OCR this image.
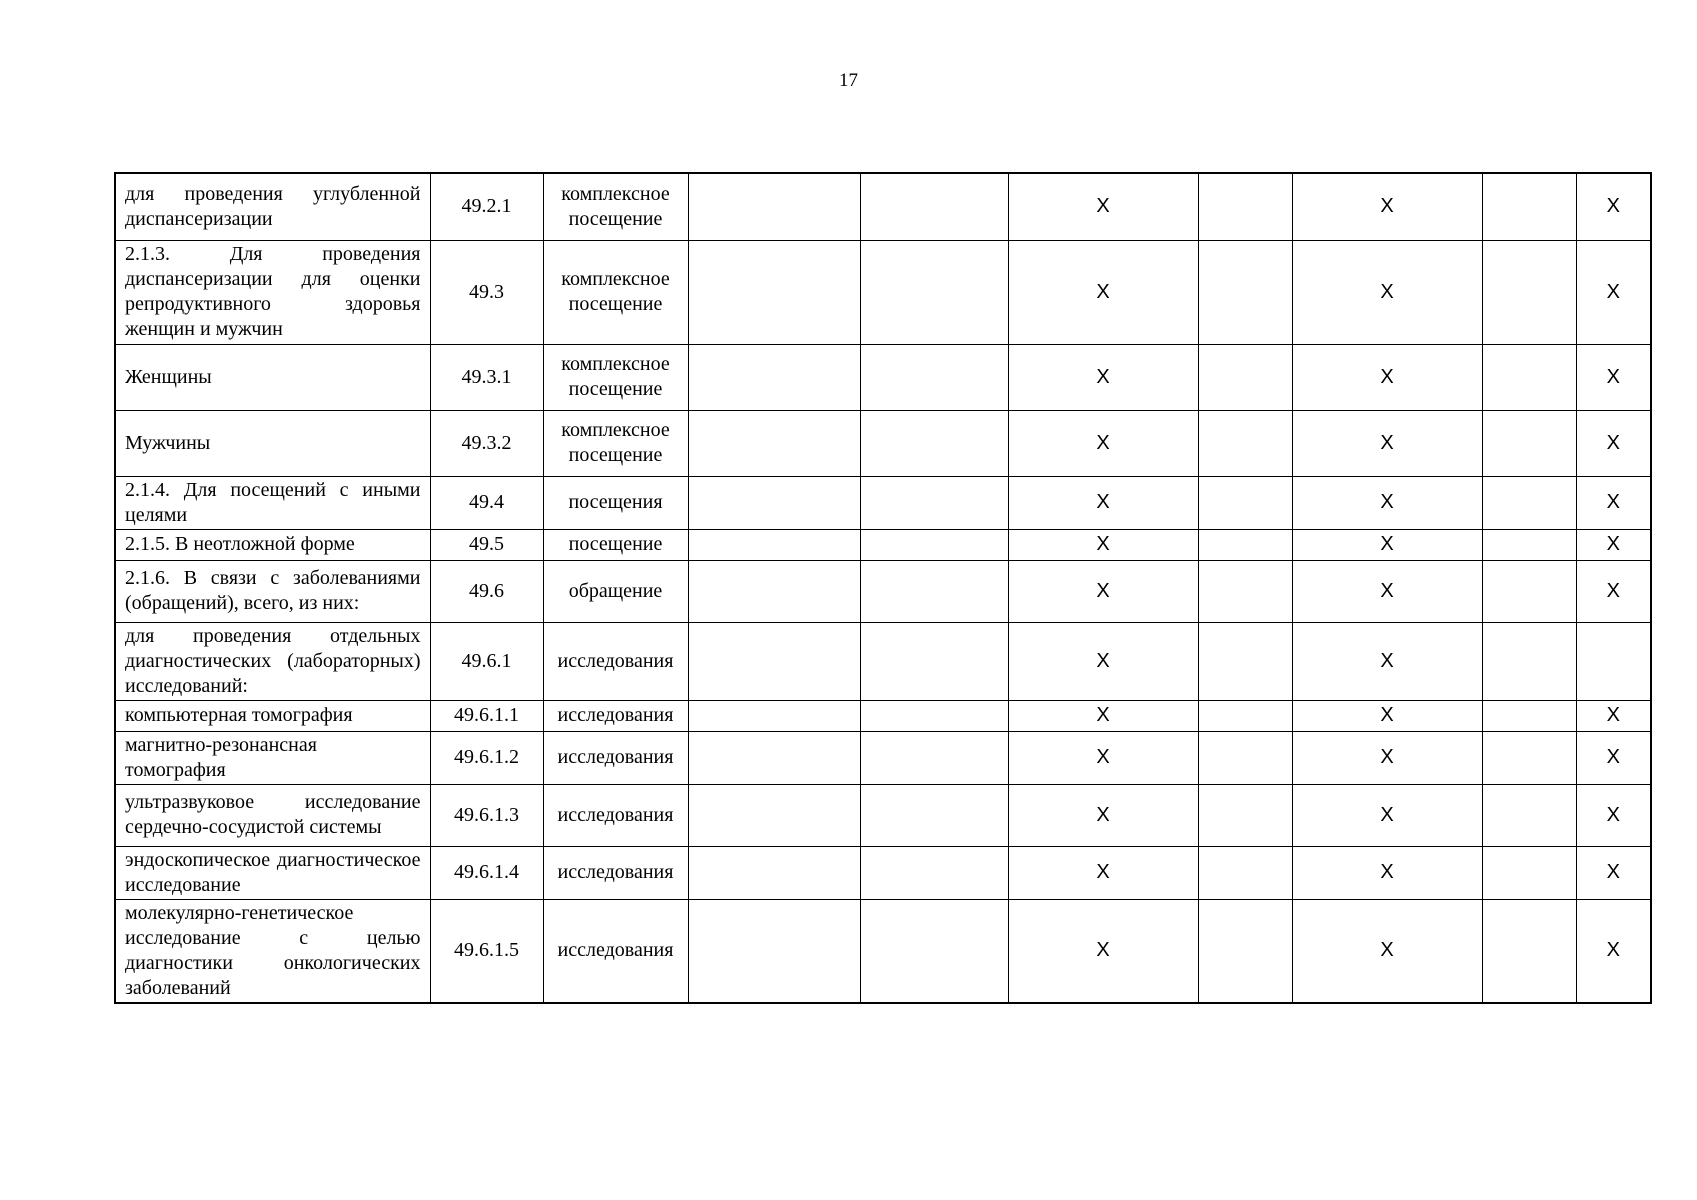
17
для проведения углубленной диспансеризации	49.2.1	комплексное посещение			X		X		X
2.1.3. Для проведения диспансеризации для оценки репродуктивного здоровья женщин и мужчин	49.3	комплексное посещение			X		X		X
Женщины	49.3.1	комплексное посещение			X		X		X
Мужчины	49.3.2	комплексное посещение			X		X		X
2.1.4. Для посещений с иными целями	49.4	посещения			X		X		X
2.1.5. В неотложной форме	49.5	посещение			X		X		X
2.1.6. В связи с заболеваниями (обращений), всего, из них:	49.6	обращение			X		X		X
для проведения отдельных диагностических (лабораторных) исследований:	49.6.1	исследования			X		X		
компьютерная томография	49.6.1.1	исследования			X		X		X
магнитно-резонансная томография	49.6.1.2	исследования			X		X		X
ультразвуковое исследование сердечно-сосудистой системы	49.6.1.3	исследования			X		X		X
эндоскопическое диагностическое исследование	49.6.1.4	исследования			X		X		X
молекулярно-генетическое исследование с целью диагностики онкологических заболеваний	49.6.1.5	исследования			X		X		X
